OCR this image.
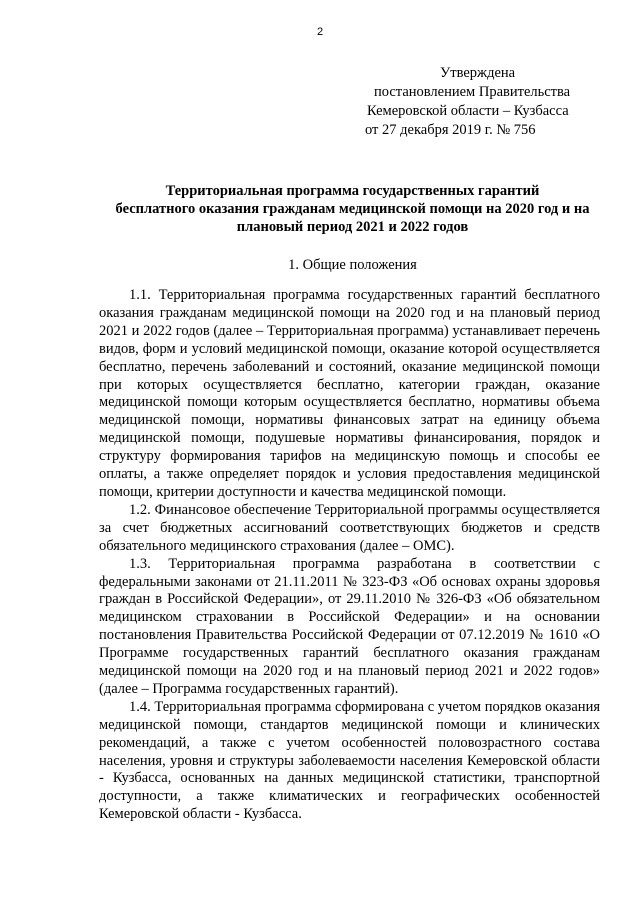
2
Утверждена
постановлением Правительства
Кемеровской области – Кузбасса
от 27 декабря 2019 г. № 756
Территориальная программа государственных гарантий
бесплатного оказания гражданам медицинской помощи на 2020 год и на
плановый период 2021 и 2022 годов
1. Общие положения

1.1. Территориальная программа государственных гарантий бесплатного оказания гражданам медицинской помощи на 2020 год и на плановый период 2021 и 2022 годов (далее – Территориальная программа) устанавливает перечень видов, форм и условий медицинской помощи, оказание которой осуществляется бесплатно, перечень заболеваний и состояний, оказание медицинской помощи при которых осуществляется бесплатно, категории граждан, оказание медицинской помощи которым осуществляется бесплатно, нормативы объема медицинской помощи, нормативы финансовых затрат на единицу объема медицинской помощи, подушевые нормативы финансирования, порядок и структуру формирования тарифов на медицинскую помощь и способы ее оплаты, а также определяет порядок и условия предоставления медицинской помощи, критерии доступности и качества медицинской помощи.

1.2. Финансовое обеспечение Территориальной программы осуществляется за счет бюджетных ассигнований соответствующих бюджетов и средств обязательного медицинского страхования (далее – ОМС).

1.3. Территориальная программа разработана в соответствии с федеральными законами от 21.11.2011 № 323-ФЗ «Об основах охраны здоровья граждан в Российской Федерации», от 29.11.2010 № 326-ФЗ «Об обязательном медицинском страховании в Российской Федерации» и на основании постановления Правительства Российской Федерации от 07.12.2019 № 1610 «О Программе государственных гарантий бесплатного оказания гражданам медицинской помощи на 2020 год и на плановый период 2021 и 2022 годов» (далее – Программа государственных гарантий).

1.4. Территориальная программа сформирована с учетом порядков оказания медицинской помощи, стандартов медицинской помощи и клинических рекомендаций, а также с учетом особенностей половозрастного состава населения, уровня и структуры заболеваемости населения Кемеровской области - Кузбасса, основанных на данных медицинской статистики, транспортной доступности, а также климатических и географических особенностей Кемеровской области - Кузбасса.
